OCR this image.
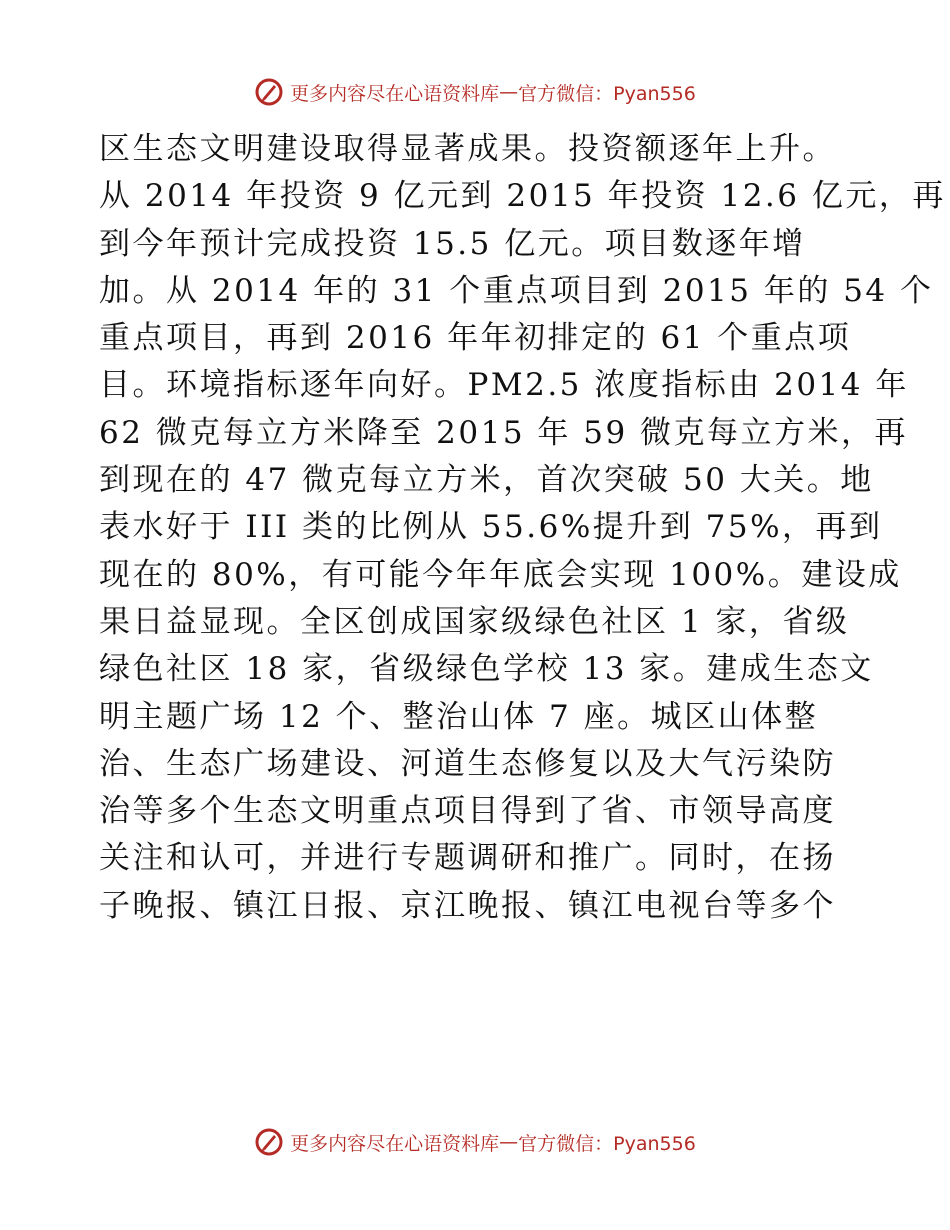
更多内容尽在心语资料库 — 官方微信：Pyan556
区生态文明建设取得显著成果。投资额逐年上升。
从 2014 年投资 9 亿元到 2015 年投资 12.6 亿元，再
到今年预计完成投资 15.5 亿元。项目数逐年增
加。从 2014 年的 31 个重点项目到 2015 年的 54 个
重点项目，再到 2016 年年初排定的 61 个重点项
目。环境指标逐年向好。PM2.5 浓度指标由 2014 年
62 微克每立方米降至 2015 年 59 微克每立方米，再
到现在的 47 微克每立方米，首次突破 50 大关。地
表水好于 III 类的比例从 55.6%提升到 75%，再到
现在的 80%，有可能今年年底会实现 100%。建设成
果日益显现。全区创成国家级绿色社区 1 家，省级
绿色社区 18 家，省级绿色学校 13 家。建成生态文
明主题广场 12 个、整治山体 7 座。城区山体整
治、生态广场建设、河道生态修复以及大气污染防
治等多个生态文明重点项目得到了省、市领导高度
关注和认可，并进行专题调研和推广。同时，在扬
子晚报、镇江日报、京江晚报、镇江电视台等多个
更多内容尽在心语资料库 — 官方微信：Pyan556
